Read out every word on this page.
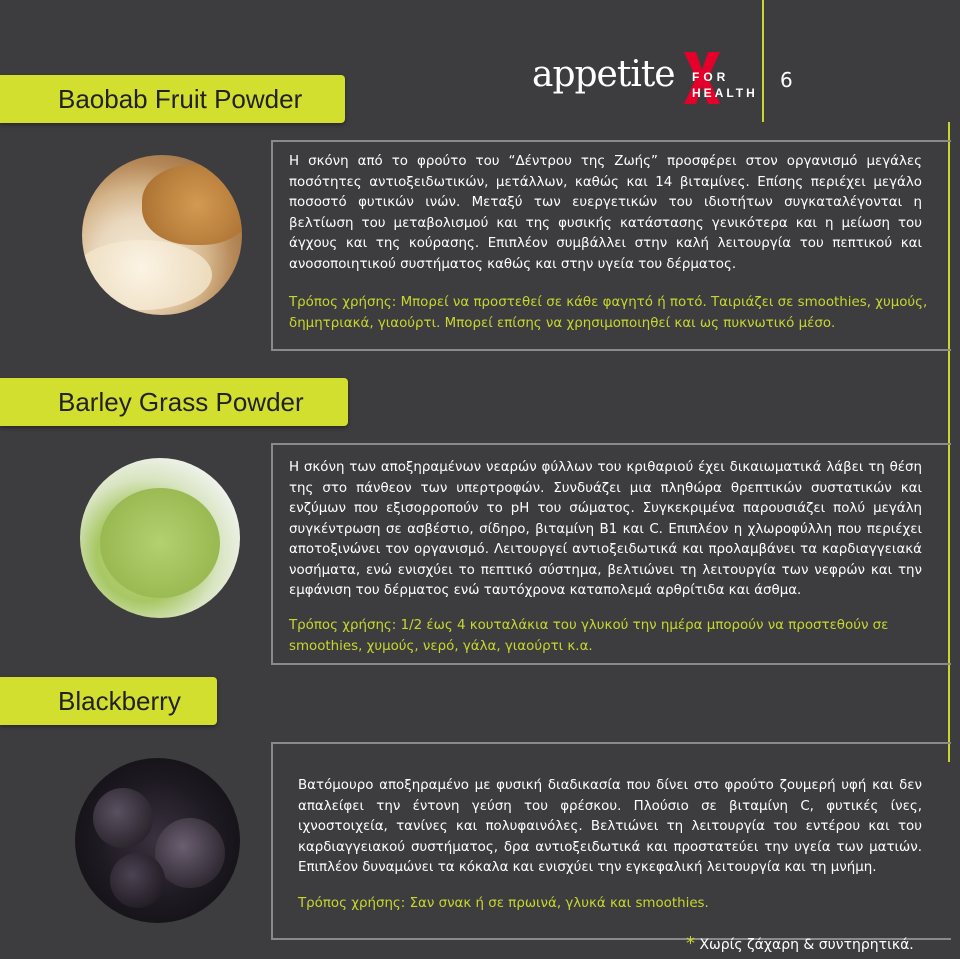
appetite FOR
HEALTH
6
Baobab Fruit Powder
Η σκόνη από το φρούτο του “Δέντρου της Ζωής” προσφέρει στον οργανισμό μεγάλες ποσότητες αντιοξειδωτικών, μετάλλων, καθώς και 14 βιταμίνες. Επίσης περιέχει μεγάλο ποσοστό φυτικών ινών. Μεταξύ των ευεργετικών του ιδιοτήτων συγκαταλέγονται η βελτίωση του μεταβολισμού και της φυσικής κατάστασης γενικότερα και η μείωση του άγχους και της κούρασης. Επιπλέον συμβάλλει στην καλή λειτουργία του πεπτικού και ανοσοποιητικού συστήματος καθώς και στην υγεία του δέρματος.
Τρόπος χρήσης: Μπορεί να προστεθεί σε κάθε φαγητό ή ποτό. Ταιριάζει σε smoothies, χυμούς, δημητριακά, γιαούρτι. Μπορεί επίσης να χρησιμοποιηθεί και ως πυκνωτικό μέσο.
Barley Grass Powder
Η σκόνη των αποξηραμένων νεαρών φύλλων του κριθαριού έχει δικαιωματικά λάβει τη θέση της στο πάνθεον των υπερτροφών. Συνδυάζει μια πληθώρα θρεπτικών συστατικών και ενζύμων που εξισορροπούν το pH του σώματος. Συγκεκριμένα παρουσιάζει πολύ μεγάλη συγκέντρωση σε ασβέστιο, σίδηρο, βιταμίνη Β1 και C. Επιπλέον η χλωροφύλλη που περιέχει αποτοξινώνει τον οργανισμό. Λειτουργεί αντιοξειδωτικά και προλαμβάνει τα καρδιαγγειακά νοσήματα, ενώ ενισχύει το πεπτικό σύστημα, βελτιώνει τη λειτουργία των νεφρών και την εμφάνιση του δέρματος ενώ ταυτόχρονα καταπολεμά αρθρίτιδα και άσθμα.
Τρόπος χρήσης: 1/2 έως 4 κουταλάκια του γλυκού την ημέρα μπορούν να προστεθούν σε smoothies, χυμούς, νερό, γάλα, γιαούρτι κ.α.
Blackberry
Βατόμουρο αποξηραμένο με φυσική διαδικασία που δίνει στο φρούτο ζουμερή υφή και δεν απαλείφει την έντονη γεύση του φρέσκου. Πλούσιο σε βιταμίνη C, φυτικές ίνες, ιχνοστοιχεία, τανίνες και πολυφαινόλες. Βελτιώνει τη λειτουργία του εντέρου και του καρδιαγγειακού συστήματος, δρα αντιοξειδωτικά και προστατεύει την υγεία των ματιών. Επιπλέον δυναμώνει τα κόκαλα και ενισχύει την εγκεφαλική λειτουργία και τη μνήμη.
Τρόπος χρήσης: Σαν σνακ ή σε πρωινά, γλυκά και smoothies.
* Χωρίς ζάχαρη & συντηρητικά.
